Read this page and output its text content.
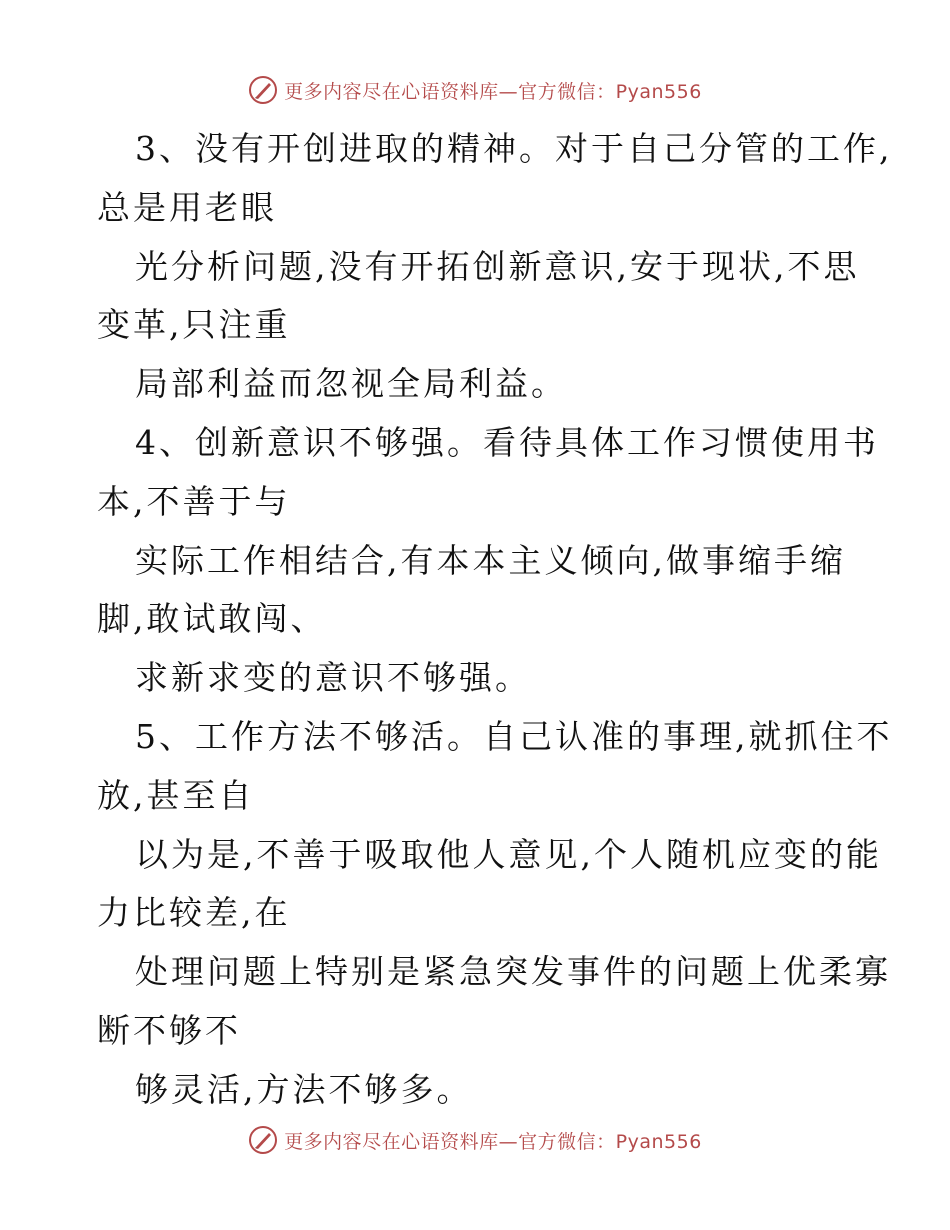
更多内容尽在心语资料库—官方微信：Pyan556
3、没有开创进取的精神。对于自己分管的工作,
总是用老眼
光分析问题,没有开拓创新意识,安于现状,不思
变革,只注重
局部利益而忽视全局利益。
4、创新意识不够强。看待具体工作习惯使用书
本,不善于与
实际工作相结合,有本本主义倾向,做事缩手缩
脚,敢试敢闯、
求新求变的意识不够强。
5、工作方法不够活。自己认准的事理,就抓住不
放,甚至自
以为是,不善于吸取他人意见,个人随机应变的能
力比较差,在
处理问题上特别是紧急突发事件的问题上优柔寡
断不够不
够灵活,方法不够多。
更多内容尽在心语资料库—官方微信：Pyan556
